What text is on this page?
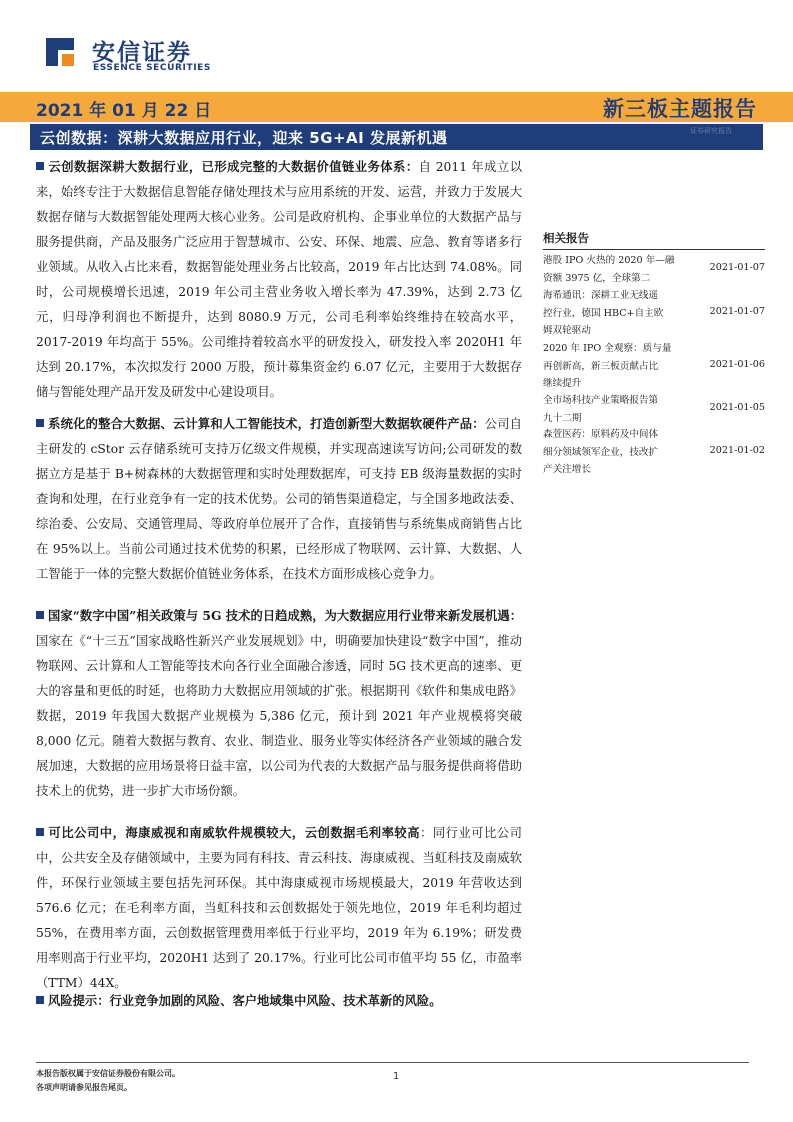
安信证券
ESSENCE SECURITIES
2021 年 01 月 22 日	新三板主题报告
云创数据：深耕大数据应用行业，迎来 5G+AI 发展新机遇	证券研究报告

云创数据深耕大数据行业，已形成完整的大数据价值链业务体系：自 2011 年成立以来，始终专注于大数据信息智能存储处理技术与应用系统的开发、运营，并致力于发展大数据存储与大数据智能处理两大核心业务。公司是政府机构、企事业单位的大数据产品与服务提供商，产品及服务广泛应用于智慧城市、公安、环保、地震、应急、教育等诸多行业领域。从收入占比来看，数据智能处理业务占比较高，2019 年占比达到 74.08%。同时，公司规模增长迅速，2019 年公司主营业务收入增长率为 47.39%，达到 2.73 亿元，归母净利润也不断提升，达到 8080.9 万元，公司毛利率始终维持在较高水平，2017-2019 年均高于 55%。公司维持着较高水平的研发投入，研发投入率 2020H1 年达到 20.17%，本次拟发行 2000 万股，预计募集资金约 6.07 亿元，主要用于大数据存储与智能处理产品开发及研发中心建设项目。

系统化的整合大数据、云计算和人工智能技术，打造创新型大数据软硬件产品：公司自主研发的 cStor 云存储系统可支持万亿级文件规模，并实现高速读写访问;公司研发的数据立方是基于 B+树森林的大数据管理和实时处理数据库，可支持 EB 级海量数据的实时查询和处理，在行业竞争有一定的技术优势。公司的销售渠道稳定，与全国多地政法委、综治委、公安局、交通管理局、等政府单位展开了合作，直接销售与系统集成商销售占比在 95%以上。当前公司通过技术优势的积累，已经形成了物联网、云计算、大数据、人工智能于一体的完整大数据价值链业务体系，在技术方面形成核心竞争力。

国家“数字中国”相关政策与 5G 技术的日趋成熟，为大数据应用行业带来新发展机遇：国家在《“十三五”国家战略性新兴产业发展规划》中，明确要加快建设“数字中国”，推动物联网、云计算和人工智能等技术向各行业全面融合渗透，同时 5G 技术更高的速率、更大的容量和更低的时延，也将助力大数据应用领域的扩张。根据期刊《软件和集成电路》数据，2019 年我国大数据产业规模为 5,386 亿元，预计到 2021 年产业规模将突破 8,000 亿元。随着大数据与教育、农业、制造业、服务业等实体经济各产业领域的融合发展加速，大数据的应用场景将日益丰富，以公司为代表的大数据产品与服务提供商将借助技术上的优势，进一步扩大市场份额。

可比公司中，海康威视和南威软件规模较大，云创数据毛利率较高：同行业可比公司中，公共安全及存储领域中，主要为同有科技、青云科技、海康威视、当虹科技及南威软件，环保行业领域主要包括先河环保。其中海康威视市场规模最大，2019 年营收达到 576.6 亿元；在毛利率方面，当虹科技和云创数据处于领先地位，2019 年毛利均超过 55%，在费用率方面，云创数据管理费用率低于行业平均，2019 年为 6.19%；研发费用率则高于行业平均，2020H1 达到了 20.17%。行业可比公司市值平均 55 亿，市盈率（TTM）44X。

风险提示：行业竞争加剧的风险、客户地域集中风险、技术革新的风险。

相关报告
港股 IPO 火热的 2020 年—融
资额 3975 亿，全球第二
2021-01-07
海希通讯：深耕工业无线遥
控行业，德国 HBC+自主欧
姆双轮驱动
2021-01-07
2020 年 IPO 全观察：质与量
再创新高，新三板贡献占比
继续提升
2021-01-06
全市场科技产业策略报告第
九十二期
2021-01-05
森萱医药：原料药及中间体
细分领域领军企业，技改扩
产关注增长
2021-01-02
本报告版权属于安信证券股份有限公司。
各项声明请参见报告尾页。
1
